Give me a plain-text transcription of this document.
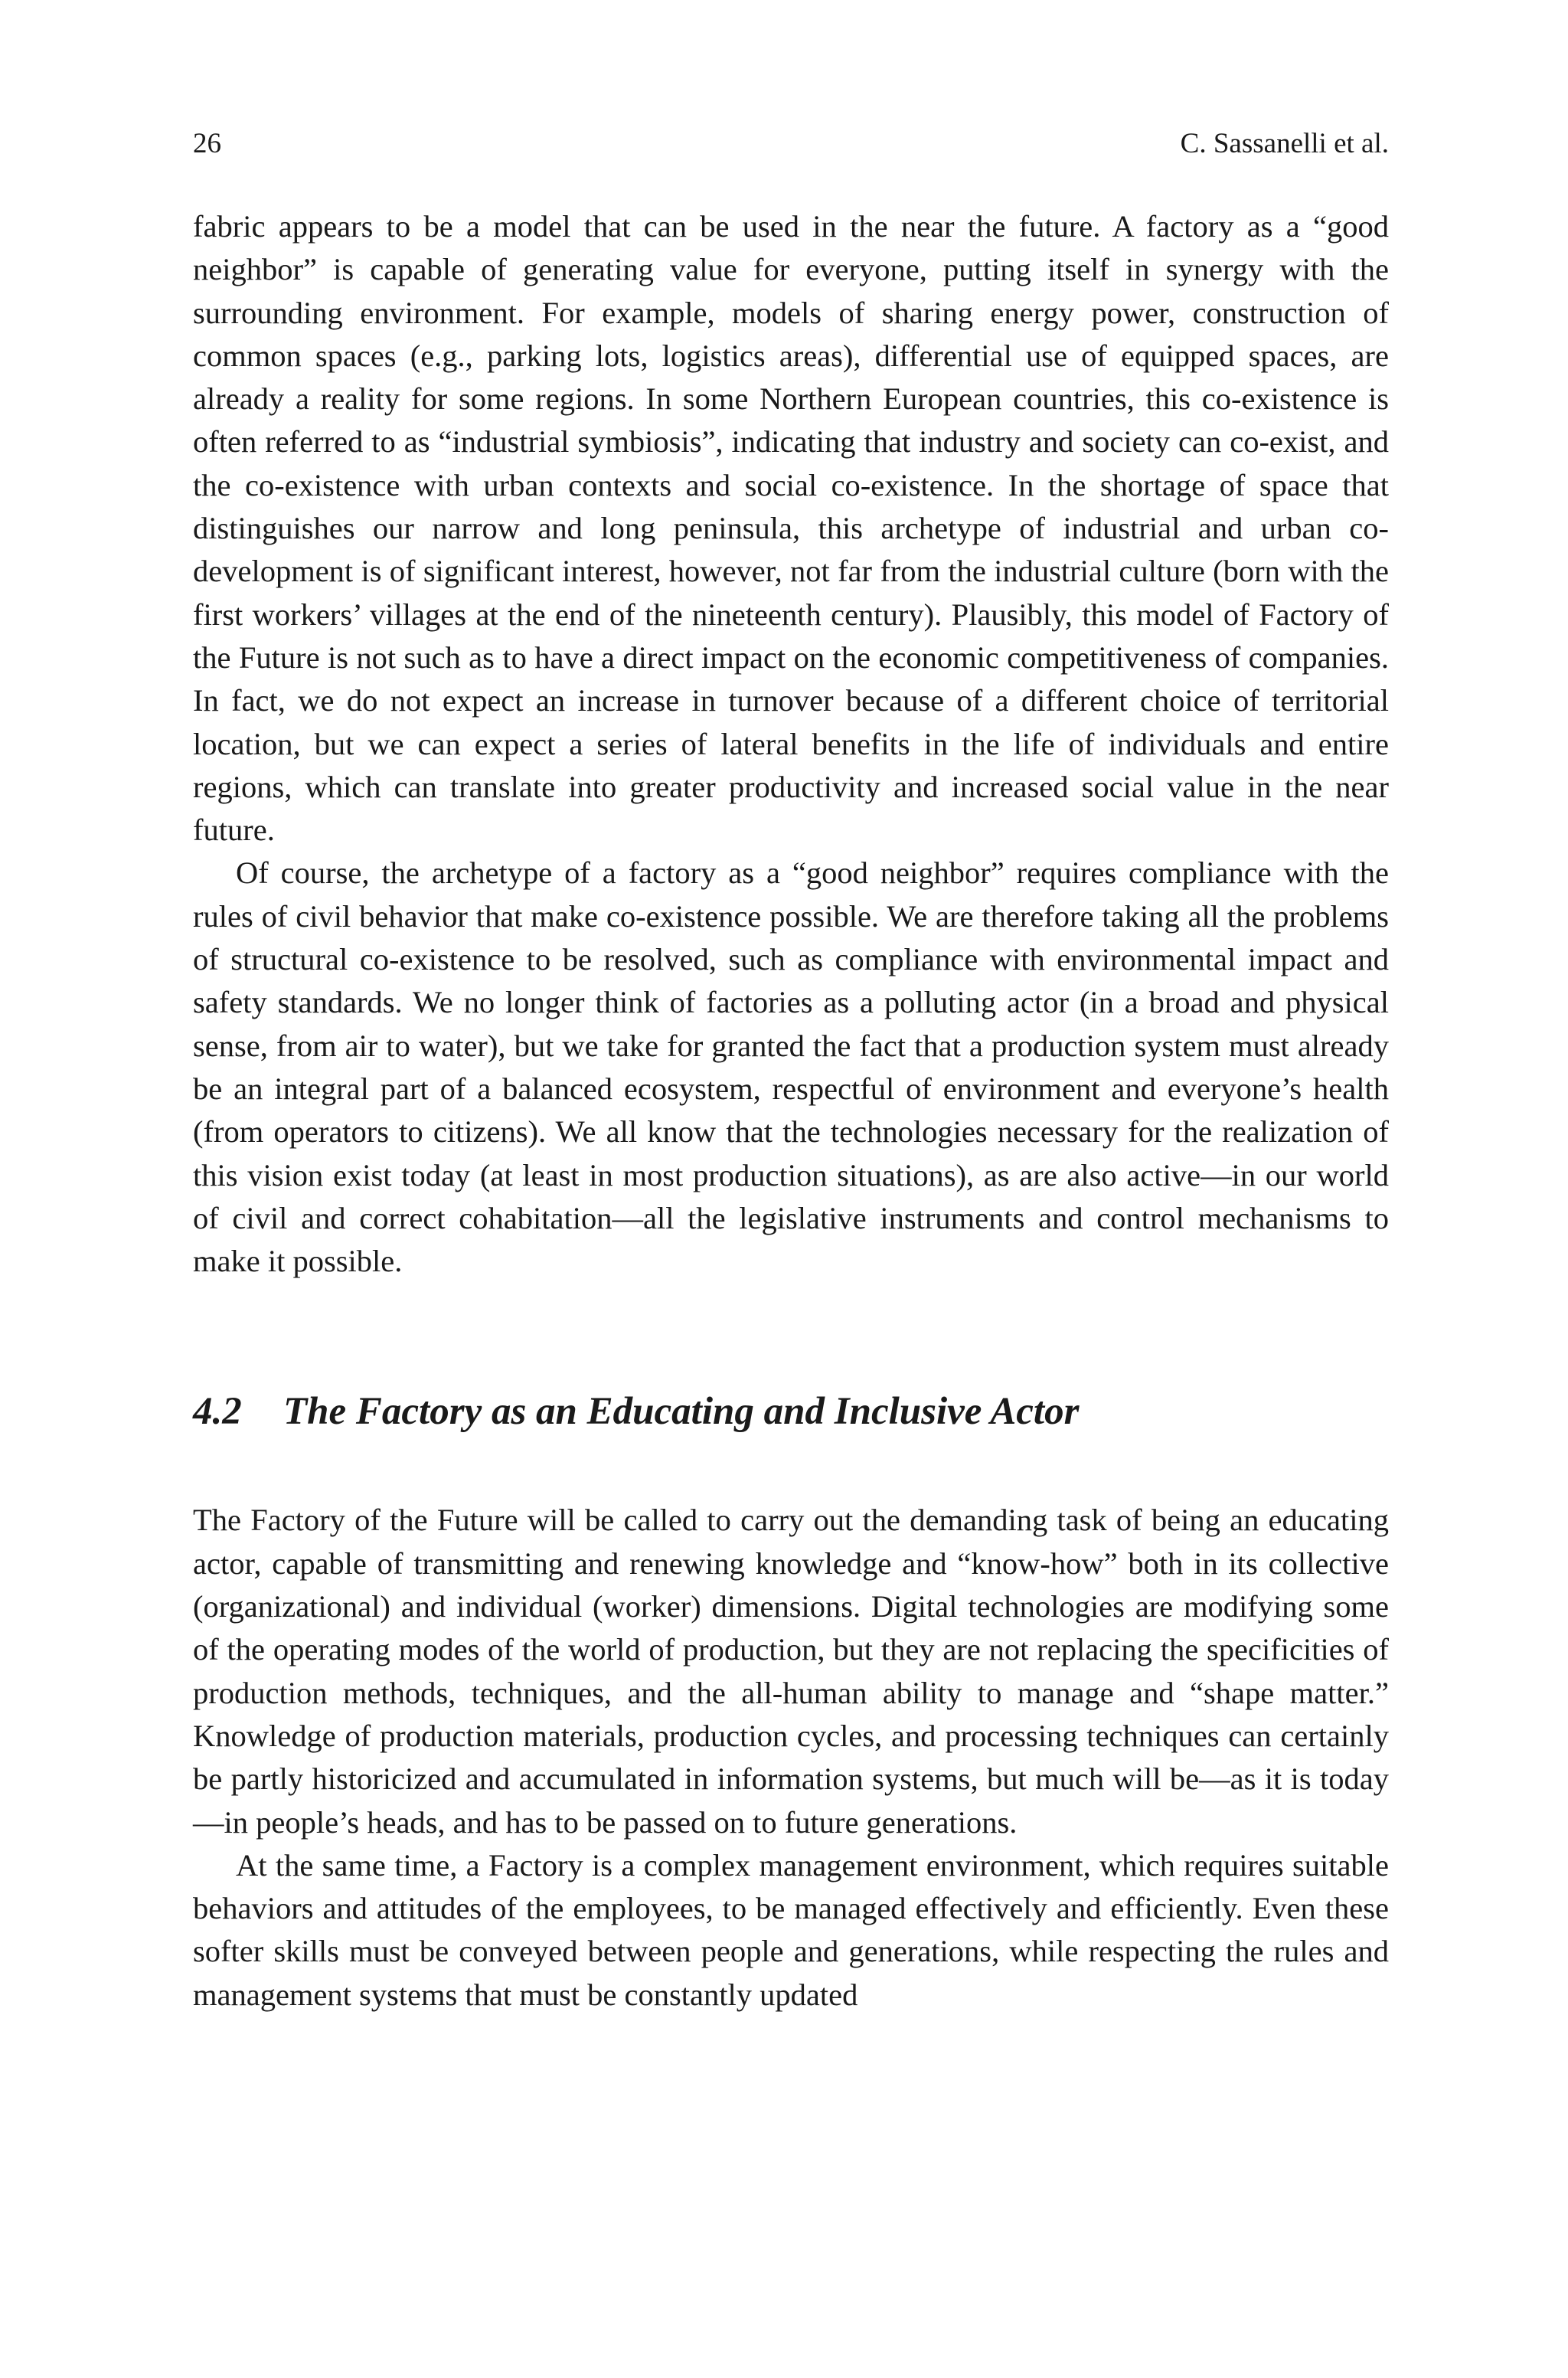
26	C. Sassanelli et al.

fabric appears to be a model that can be used in the near the future. A factory as a “good neighbor” is capable of generating value for everyone, putting itself in synergy with the surrounding environment. For example, models of sharing energy power, construction of common spaces (e.g., parking lots, logistics areas), differential use of equipped spaces, are already a reality for some regions. In some Northern European countries, this co-existence is often referred to as “industrial symbiosis”, indicating that industry and society can co-exist, and the co-existence with urban contexts and social co-existence. In the shortage of space that distinguishes our narrow and long peninsula, this archetype of industrial and urban co-development is of significant interest, however, not far from the industrial culture (born with the first workers’ villages at the end of the nineteenth century). Plausibly, this model of Factory of the Future is not such as to have a direct impact on the economic competitiveness of companies. In fact, we do not expect an increase in turnover because of a different choice of territorial location, but we can expect a series of lateral benefits in the life of individuals and entire regions, which can translate into greater productivity and increased social value in the near future.

Of course, the archetype of a factory as a “good neighbor” requires compliance with the rules of civil behavior that make co-existence possible. We are therefore taking all the problems of structural co-existence to be resolved, such as compliance with environmental impact and safety standards. We no longer think of factories as a polluting actor (in a broad and physical sense, from air to water), but we take for granted the fact that a production system must already be an integral part of a balanced ecosystem, respectful of environment and everyone’s health (from operators to citizens). We all know that the technologies necessary for the realization of this vision exist today (at least in most production situations), as are also active—in our world of civil and correct cohabitation—all the legislative instruments and control mechanisms to make it possible.

4.2	The Factory as an Educating and Inclusive Actor

The Factory of the Future will be called to carry out the demanding task of being an educating actor, capable of transmitting and renewing knowledge and “know-how” both in its collective (organizational) and individual (worker) dimensions. Digital technologies are modifying some of the operating modes of the world of production, but they are not replacing the specificities of production methods, techniques, and the all-human ability to manage and “shape matter.” Knowledge of production materials, production cycles, and processing techniques can certainly be partly historicized and accumulated in information systems, but much will be—as it is today—in people’s heads, and has to be passed on to future generations.

At the same time, a Factory is a complex management environment, which requires suitable behaviors and attitudes of the employees, to be managed effectively and efficiently. Even these softer skills must be conveyed between people and generations, while respecting the rules and management systems that must be constantly updated
